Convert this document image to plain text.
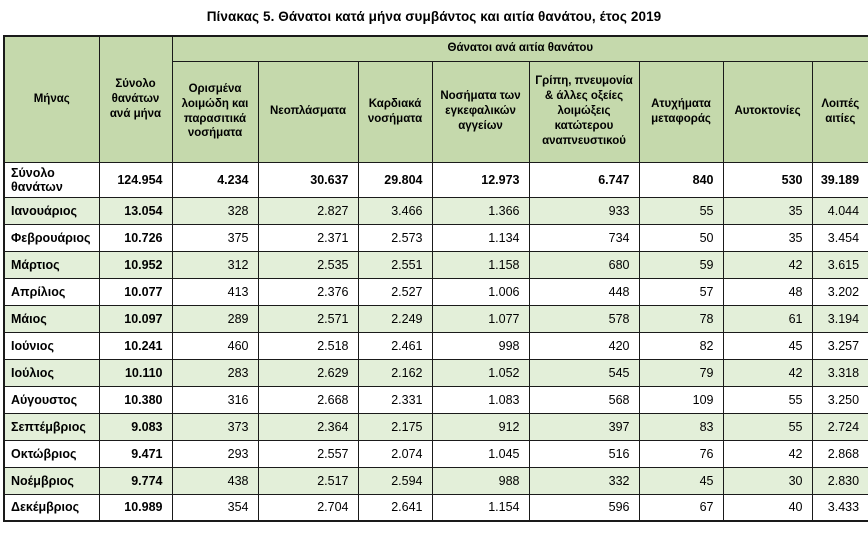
Πίνακας 5. Θάνατοι κατά μήνα συμβάντος και αιτία θανάτου, έτος 2019
Μήνας	Σύνολο θανάτων ανά μήνα	Θάνατοι ανά αιτία θανάτου							
		Ορισμένα λοιμώδη και παρασιτικά νοσήματα	Νεοπλάσματα	Καρδιακά νοσήματα	Νοσήματα των εγκεφαλικών αγγείων	Γρίπη, πνευμονία & άλλες οξείες λοιμώξεις κατώτερου αναπνευστικού	Ατυχήματα μεταφοράς	Αυτοκτονίες	Λοιπές αιτίες
Σύνολο θανάτων	124.954	4.234	30.637	29.804	12.973	6.747	840	530	39.189
Ιανουάριος	13.054	328	2.827	3.466	1.366	933	55	35	4.044
Φεβρουάριος	10.726	375	2.371	2.573	1.134	734	50	35	3.454
Μάρτιος	10.952	312	2.535	2.551	1.158	680	59	42	3.615
Απρίλιος	10.077	413	2.376	2.527	1.006	448	57	48	3.202
Μάιος	10.097	289	2.571	2.249	1.077	578	78	61	3.194
Ιούνιος	10.241	460	2.518	2.461	998	420	82	45	3.257
Ιούλιος	10.110	283	2.629	2.162	1.052	545	79	42	3.318
Αύγουστος	10.380	316	2.668	2.331	1.083	568	109	55	3.250
Σεπτέμβριος	9.083	373	2.364	2.175	912	397	83	55	2.724
Οκτώβριος	9.471	293	2.557	2.074	1.045	516	76	42	2.868
Νοέμβριος	9.774	438	2.517	2.594	988	332	45	30	2.830
Δεκέμβριος	10.989	354	2.704	2.641	1.154	596	67	40	3.433
